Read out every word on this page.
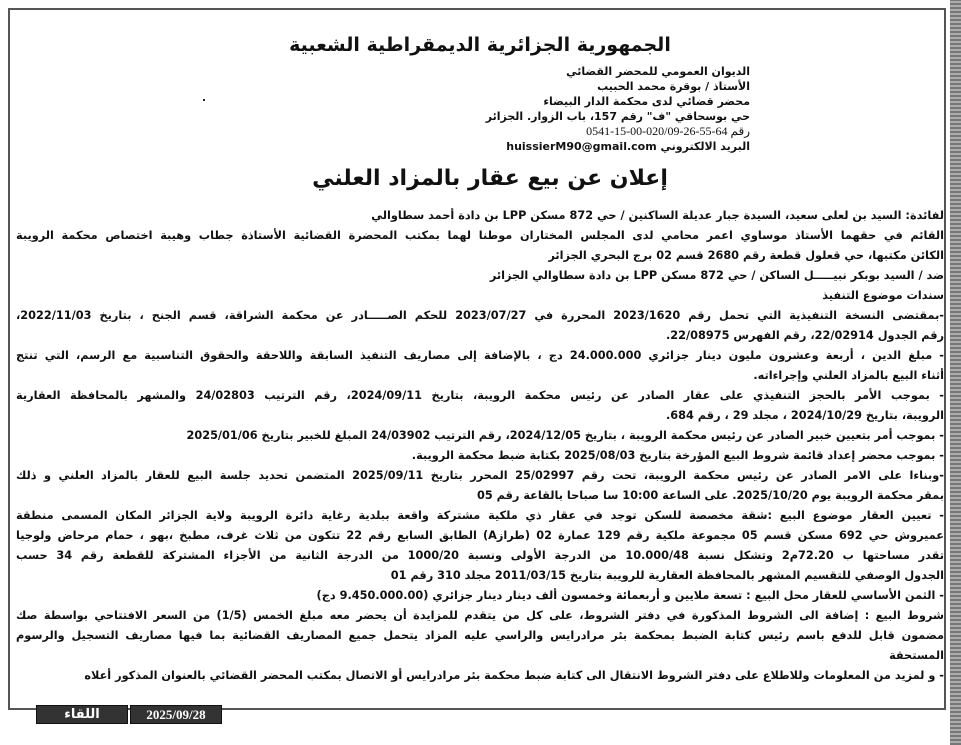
الجمهورية الجزائرية الديمقراطية الشعبية
الديوان العمومي للمحضر القضائي
الأستاذ / بوقرة محمد الحبيب
محضر قضائي لدى محكمة الدار البيضاء
حي بوسحاقي "ف" رقم 157، باب الزوار. الجزائر
رقم 64-55-26-020/09-00-15-0541
البريد الالكتروني huissierM90@gmail.com
إعلان عن بيع عقار بالمزاد العلني
لفائدة: السيد بن لعلى سعيد، السيدة جبار عديلة الساكنين / حي 872 مسكن LPP بن دادة أحمد سطاوالي
القائم في حقهما الأستاذ موساوي اعمر محامي لدى المجلس المختاران موطنا لهما بمكتب المحضرة القضائية الأستاذة جطاب وهيبة اختصاص محكمة الرويبة
الكائن مكتبها، حي قعلول قطعة رقم 2680 قسم 02 برج البحري الجزائر
ضد / السيد بوبكر نبيـــــل الساكن / حي 872 مسكن LPP بن دادة سطاوالي الجزائر
سندات موضوع التنفيذ
-بمقتضى النسخة التنفيذية التي تحمل رقم 2023/1620 المحررة في 2023/07/27 للحكم الصـــــادر عن محكمة الشراقة، قسم الجنح ، بتاريخ 2022/11/03،
رقم الجدول 22/02914، رقم الفهرس 22/08975.
- مبلغ الدين ، أربعة وعشرون مليون دينار جزائري 24.000.000 دج ، بالإضافة إلى مصاريف التنفيذ السابقة واللاحقة والحقوق التناسبية مع الرسم، التي تنتج
أثناء البيع بالمزاد العلني وإجراءاته.
- بموجب الأمر بالحجز التنفيذي على عقار الصادر عن رئيس محكمة الرويبة، بتاريخ 2024/09/11، رقم الترتيب 24/02803 والمشهر بالمحافظة العقارية
الرويبة، بتاريخ 2024/10/29 ، مجلد 29 ، رقم 684.
- بموجب أمر بتعيين خبير الصادر عن رئيس محكمة الرويبة ، بتاريخ 2024/12/05، رقم الترتيب 24/03902 المبلغ للخبير بتاريخ 2025/01/06
- بموجب محضر إعداد قائمة شروط البيع المؤرخة بتاريخ 2025/08/03 بكتابة ضبط محكمة الرويبة.
-وبناءا على الامر الصادر عن رئيس محكمة الرويبة، تحت رقم 25/02997 المحرر بتاريخ 2025/09/11 المتضمن تحديد جلسة البيع للعقار بالمزاد العلني و ذلك
بمقر محكمة الرويبة يوم 2025/10/20. على الساعة 10:00 سا صباحا بالقاعة رقم 05
- تعيين العقار موضوع البيع :شقة مخصصة للسكن توجد في عقار ذي ملكية مشتركة واقعة ببلدية رغاية دائرة الرويبة ولاية الجزائر المكان المسمى منطقة
عميروش حي 692 مسكن قسم 05 مجموعة ملكية رقم 129 عمارة 02 (طرازA) الطابق السابع رقم 22 تتكون من ثلاث غرف، مطبخ ،بهو ، حمام مرحاض ولوجيا
تقدر مساحتها ب 72.20م2 وتشكل نسبة 10.000/48 من الدرجة الأولى ونسبة 1000/20 من الدرجة الثانية من الأجزاء المشتركة للقطعة رقم 34 حسب
الجدول الوصفي للتقسيم المشهر بالمحافظة العقارية للرويبة بتاريخ 2011/03/15 مجلد 310 رقم 01
- الثمن الأساسي للعقار محل البيع : تسعة ملايين و أربعمائة وخمسون ألف دينار دينار جزائري (9.450.000.00 دج)
شروط البيع : إضافة الى الشروط المذكورة في دفتر الشروط، على كل من يتقدم للمزايدة أن يحضر معه مبلغ الخمس (1/5) من السعر الافتتاحي بواسطة صك
مضمون قابل للدفع باسم رئيس كتابة الضبط بمحكمة بئر مرادرايس والراسي عليه المزاد يتحمل جميع المصاريف القضائية بما فيها مصاريف التسجيل والرسوم
المستحقة
- و لمزيد من المعلومات وللاطلاع على دفتر الشروط الانتقال الى كتابة ضبط محكمة بئر مرادرايس أو الاتصال بمكتب المحضر القضائي بالعنوان المذكور أعلاه
2025/09/28
اللقاء
